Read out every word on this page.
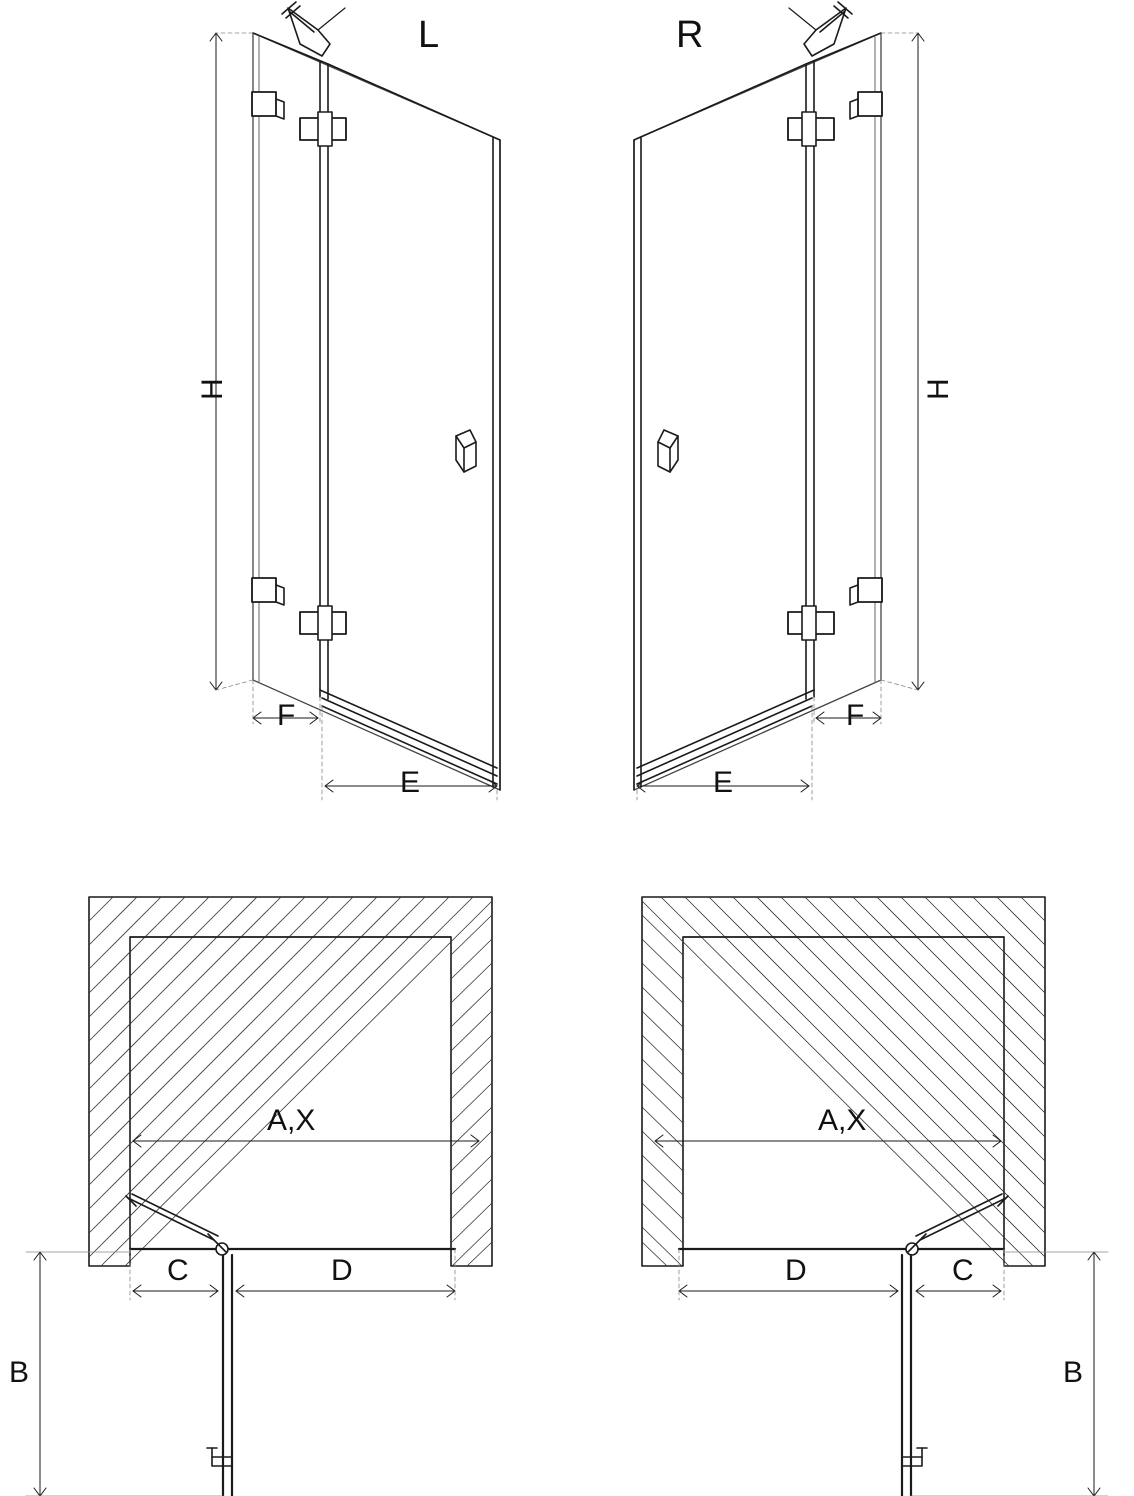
L	R
H	H
F	F
E	E
A,X	A,X
C	C
D	D
B	B
